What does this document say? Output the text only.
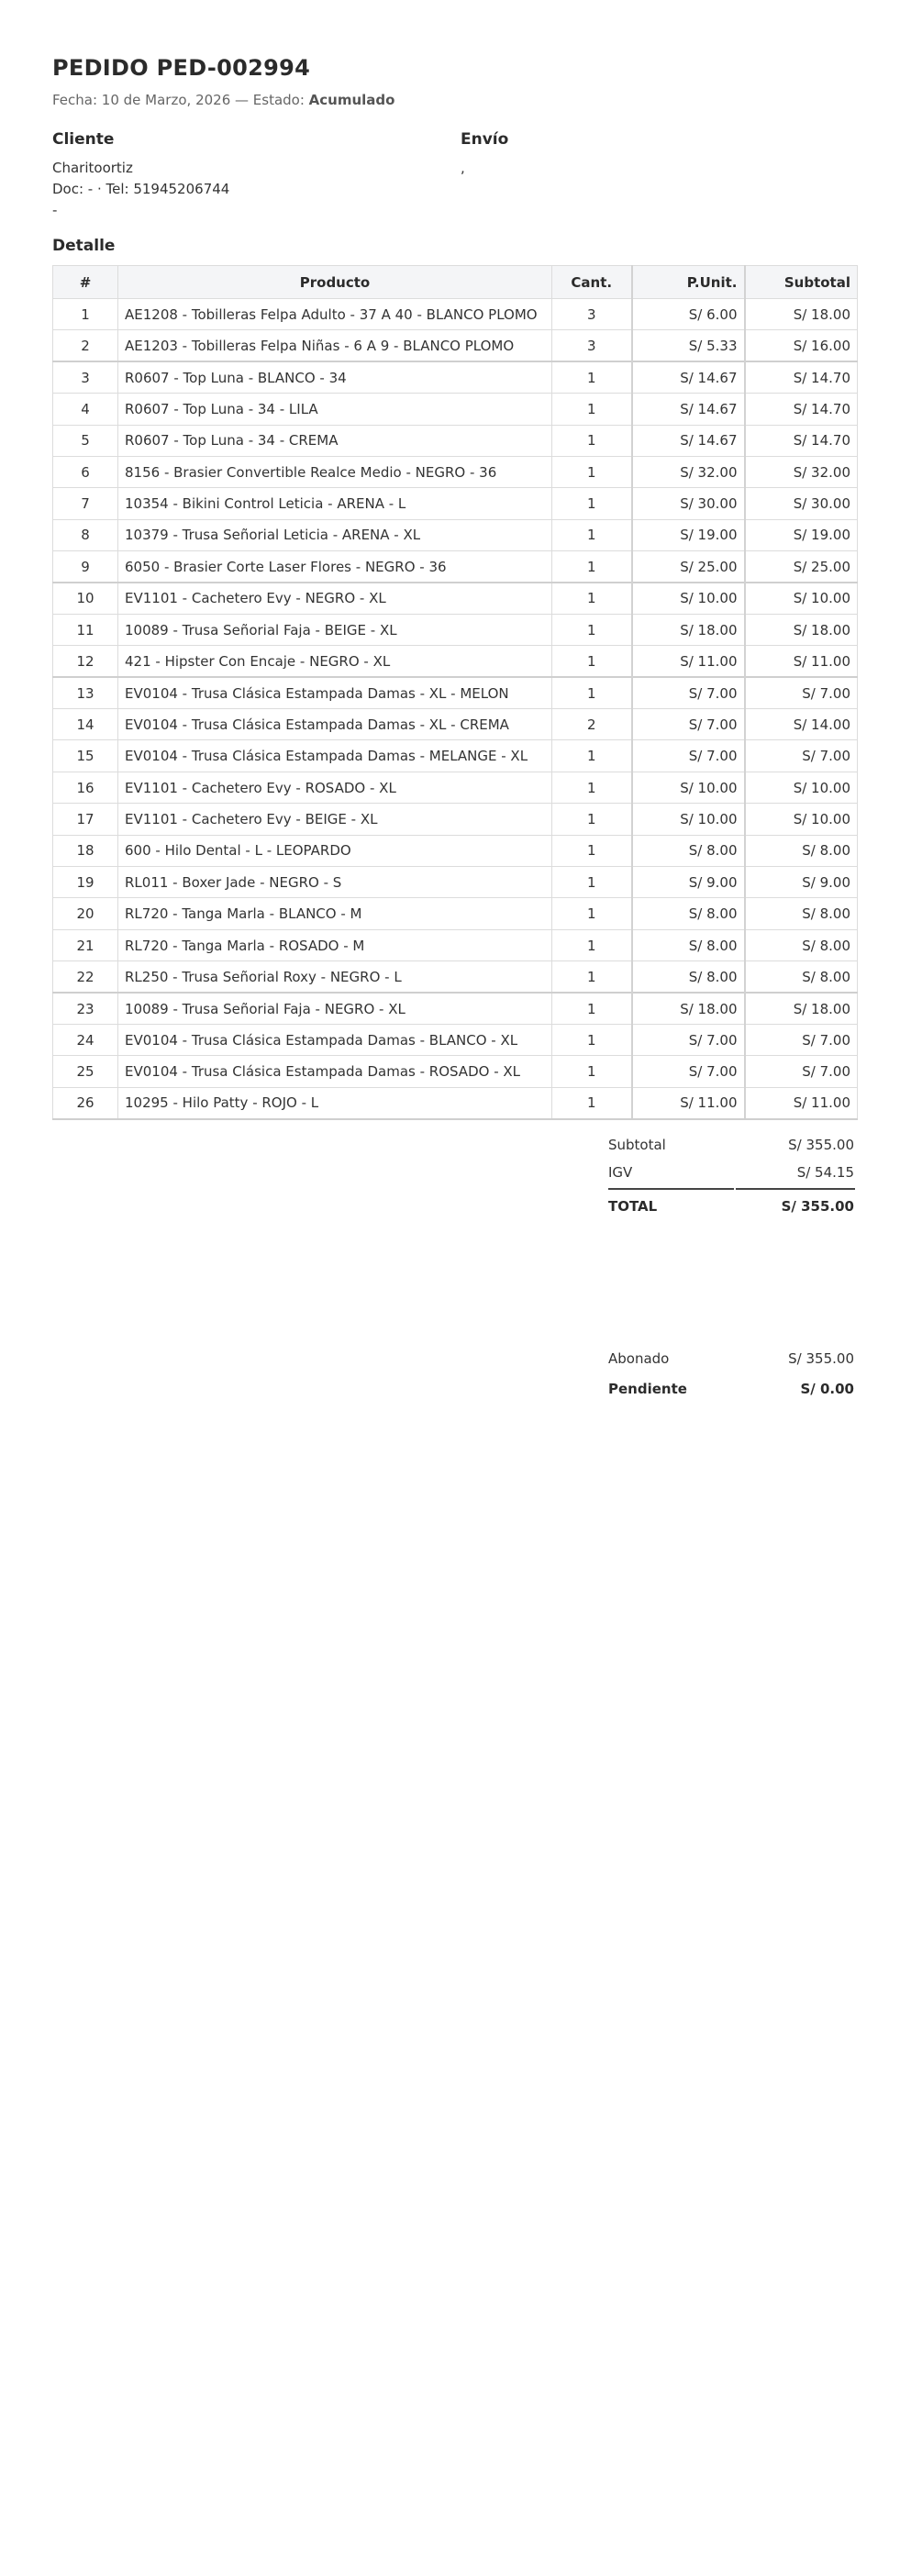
PEDIDO PED-002994
Fecha: 10 de Marzo, 2026 — Estado: Acumulado
Cliente
Charitoortiz
Doc: - · Tel: 51945206744
-
Envío
,
Detalle
#	Producto	Cant.	P.Unit.	Subtotal
1	AE1208 - Tobilleras Felpa Adulto - 37 A 40 - BLANCO PLOMO	3	S/ 6.00	S/ 18.00
2	AE1203 - Tobilleras Felpa Niñas - 6 A 9 - BLANCO PLOMO	3	S/ 5.33	S/ 16.00
3	R0607 - Top Luna - BLANCO - 34	1	S/ 14.67	S/ 14.70
4	R0607 - Top Luna - 34 - LILA	1	S/ 14.67	S/ 14.70
5	R0607 - Top Luna - 34 - CREMA	1	S/ 14.67	S/ 14.70
6	8156 - Brasier Convertible Realce Medio - NEGRO - 36	1	S/ 32.00	S/ 32.00
7	10354 - Bikini Control Leticia - ARENA - L	1	S/ 30.00	S/ 30.00
8	10379 - Trusa Señorial Leticia - ARENA - XL	1	S/ 19.00	S/ 19.00
9	6050 - Brasier Corte Laser Flores - NEGRO - 36	1	S/ 25.00	S/ 25.00
10	EV1101 - Cachetero Evy - NEGRO - XL	1	S/ 10.00	S/ 10.00
11	10089 - Trusa Señorial Faja - BEIGE - XL	1	S/ 18.00	S/ 18.00
12	421 - Hipster Con Encaje - NEGRO - XL	1	S/ 11.00	S/ 11.00
13	EV0104 - Trusa Clásica Estampada Damas - XL - MELON	1	S/ 7.00	S/ 7.00
14	EV0104 - Trusa Clásica Estampada Damas - XL - CREMA	2	S/ 7.00	S/ 14.00
15	EV0104 - Trusa Clásica Estampada Damas - MELANGE - XL	1	S/ 7.00	S/ 7.00
16	EV1101 - Cachetero Evy - ROSADO - XL	1	S/ 10.00	S/ 10.00
17	EV1101 - Cachetero Evy - BEIGE - XL	1	S/ 10.00	S/ 10.00
18	600 - Hilo Dental - L - LEOPARDO	1	S/ 8.00	S/ 8.00
19	RL011 - Boxer Jade - NEGRO - S	1	S/ 9.00	S/ 9.00
20	RL720 - Tanga Marla - BLANCO - M	1	S/ 8.00	S/ 8.00
21	RL720 - Tanga Marla - ROSADO - M	1	S/ 8.00	S/ 8.00
22	RL250 - Trusa Señorial Roxy - NEGRO - L	1	S/ 8.00	S/ 8.00
23	10089 - Trusa Señorial Faja - NEGRO - XL	1	S/ 18.00	S/ 18.00
24	EV0104 - Trusa Clásica Estampada Damas - BLANCO - XL	1	S/ 7.00	S/ 7.00
25	EV0104 - Trusa Clásica Estampada Damas - ROSADO - XL	1	S/ 7.00	S/ 7.00
26	10295 - Hilo Patty - ROJO - L	1	S/ 11.00	S/ 11.00
Subtotal	S/ 355.00
IGV	S/ 54.15
TOTAL	S/ 355.00
Abonado	S/ 355.00
Pendiente	S/ 0.00
